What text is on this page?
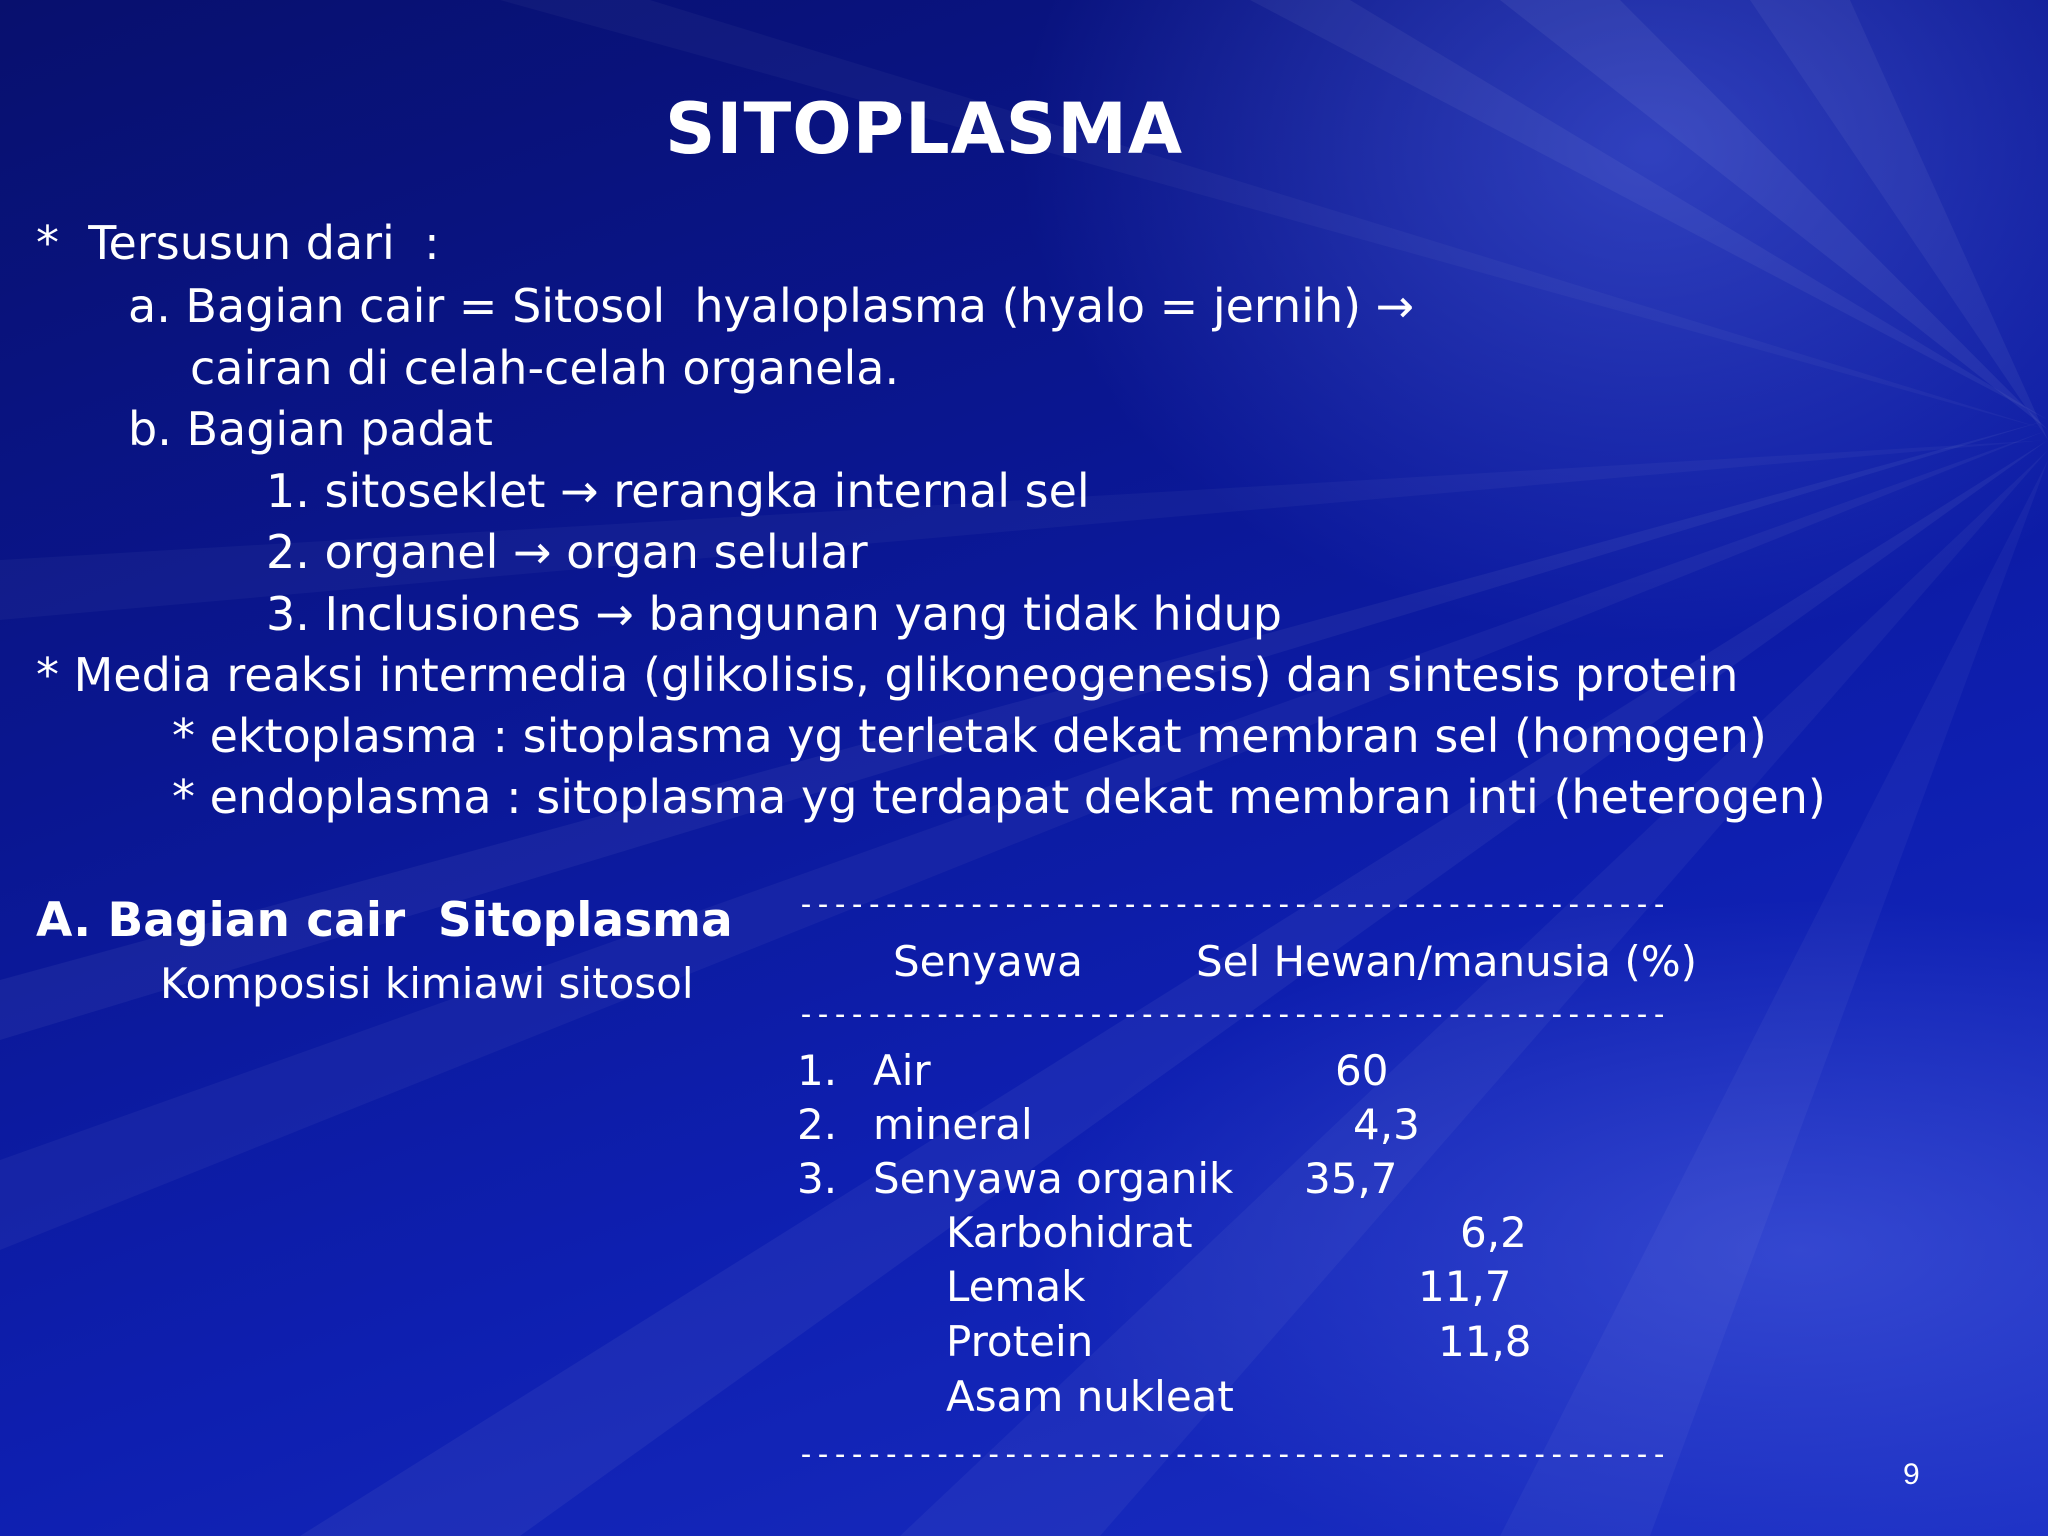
SITOPLASMA
*  Tersusun dari  :
a. Bagian cair = Sitosol  hyaloplasma (hyalo = jernih) →
cairan di celah-celah organela.
b. Bagian padat
1. sitoseklet → rerangka internal sel
2. organel → organ selular
3. Inclusiones → bangunan yang tidak hidup
* Media reaksi intermedia (glikolisis, glikoneogenesis) dan sintesis protein
* ektoplasma : sitoplasma yg terletak dekat membran sel (homogen)
* endoplasma : sitoplasma yg terdapat dekat membran inti (heterogen)
A. Bagian cair  Sitoplasma
Komposisi kimiawi sitosol
---------------------------------------------------
Senyawa	Sel Hewan/manusia (%)
---------------------------------------------------
1. Air	60
2. mineral	4,3
3. Senyawa organik 35,7
Karbohidrat	6,2
Lemak	11,7
Protein	11,8
Asam nukleat
---------------------------------------------------
9
